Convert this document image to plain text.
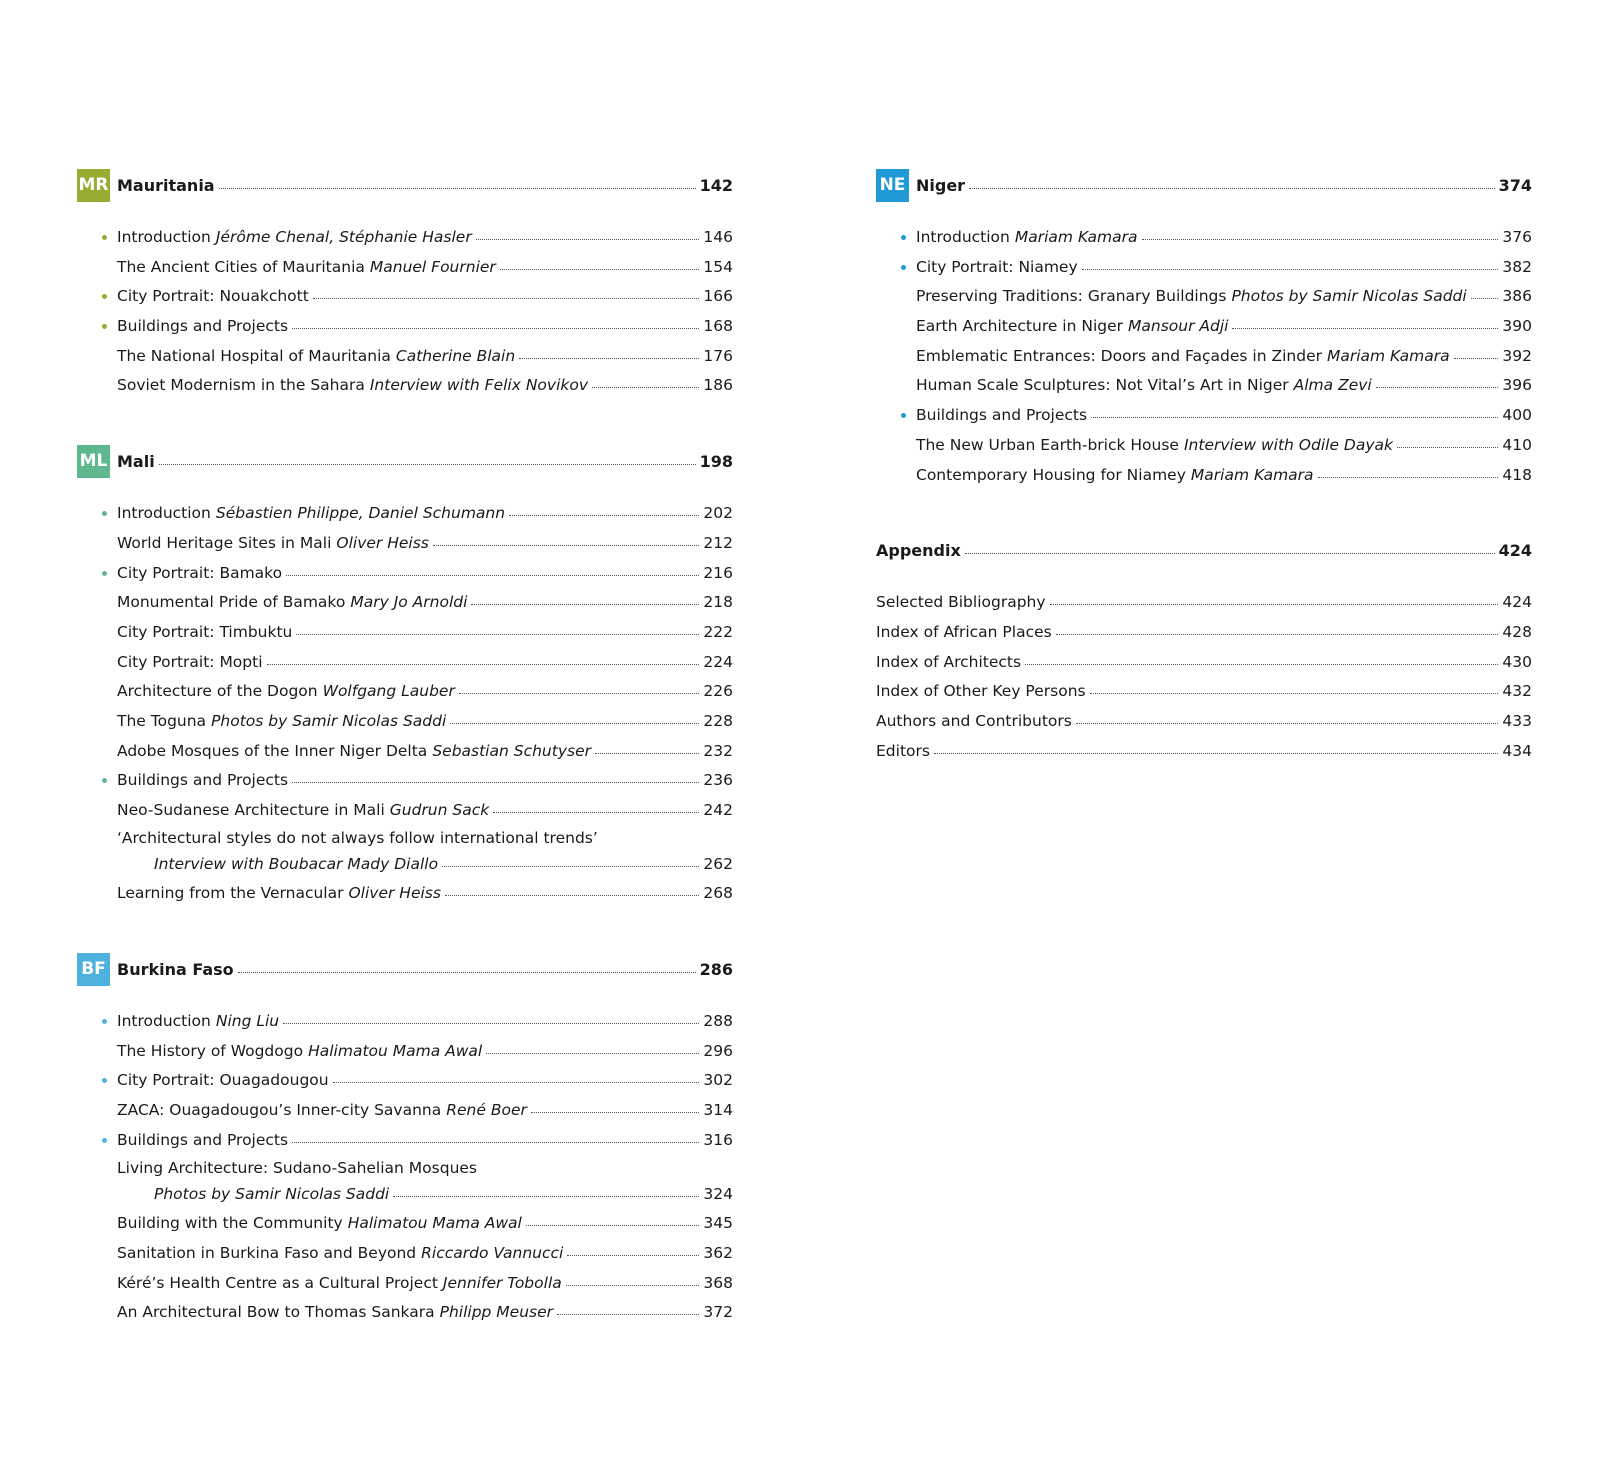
MR Mauritania	142
Introduction Jérôme Chenal, Stéphanie Hasler	146
The Ancient Cities of Mauritania Manuel Fournier	154
City Portrait: Nouakchott	166
Buildings and Projects	168
The National Hospital of Mauritania Catherine Blain	176
Soviet Modernism in the Sahara Interview with Felix Novikov	186
ML Mali	198
Introduction Sébastien Philippe, Daniel Schumann	202
World Heritage Sites in Mali Oliver Heiss	212
City Portrait: Bamako	216
Monumental Pride of Bamako Mary Jo Arnoldi	218
City Portrait: Timbuktu	222
City Portrait: Mopti	224
Architecture of the Dogon Wolfgang Lauber	226
The Toguna Photos by Samir Nicolas Saddi	228
Adobe Mosques of the Inner Niger Delta Sebastian Schutyser	232
Buildings and Projects	236
Neo-Sudanese Architecture in Mali Gudrun Sack	242
‘Architectural styles do not always follow international trends’
Interview with Boubacar Mady Diallo	262
Learning from the Vernacular Oliver Heiss	268
BF Burkina Faso	286
Introduction Ning Liu	288
The History of Wogdogo Halimatou Mama Awal	296
City Portrait: Ouagadougou	302
ZACA: Ouagadougou’s Inner-city Savanna René Boer	314
Buildings and Projects	316
Living Architecture: Sudano-Sahelian Mosques
Photos by Samir Nicolas Saddi	324
Building with the Community Halimatou Mama Awal	345
Sanitation in Burkina Faso and Beyond Riccardo Vannucci	362
Kéré’s Health Centre as a Cultural Project Jennifer Tobolla	368
An Architectural Bow to Thomas Sankara Philipp Meuser	372
NE Niger	374
Introduction Mariam Kamara	376
City Portrait: Niamey	382
Preserving Traditions: Granary Buildings Photos by Samir Nicolas Saddi 386
Earth Architecture in Niger Mansour Adji	390
Emblematic Entrances: Doors and Façades in Zinder Mariam Kamara	392
Human Scale Sculptures: Not Vital’s Art in Niger Alma Zevi	396
Buildings and Projects	400
The New Urban Earth-brick House Interview with Odile Dayak	410
Contemporary Housing for Niamey Mariam Kamara	418
Appendix	424
Selected Bibliography	424
Index of African Places	428
Index of Architects	430
Index of Other Key Persons	432
Authors and Contributors	433
Editors	434
